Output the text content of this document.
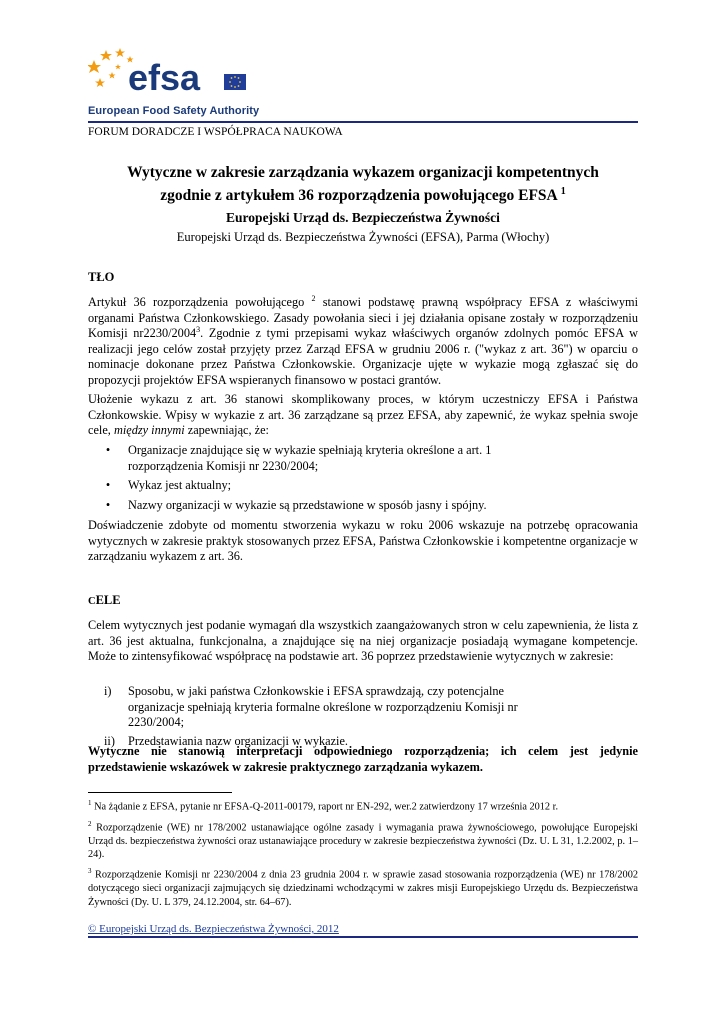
efsa
European Food Safety Authority
FORUM DORADCZE I WSPÓŁPRACA NAUKOWA
Wytyczne w zakresie zarządzania wykazem organizacji kompetentnych
zgodnie z artykułem 36 rozporządzenia powołującego EFSA $^1$
Europejski Urząd ds. Bezpieczeństwa Żywności
Europejski Urząd ds. Bezpieczeństwa Żywności (EFSA), Parma (Włochy)
TŁO

Artykuł 36 rozporządzenia powołującego $^2$ stanowi podstawę prawną współpracy EFSA z właściwymi organami Państwa Członkowskiego. Zasady powołania sieci i jej działania opisane zostały w rozporządzeniu Komisji nr2230/2004$^3$. Zgodnie z tymi przepisami wykaz właściwych organów zdolnych pomóc EFSA w realizacji jego celów został przyjęty przez Zarząd EFSA w grudniu 2006 r. ("wykaz z art. 36") w oparciu o nominacje dokonane przez Państwa Członkowskie. Organizacje ujęte w wykazie mogą zgłaszać się do propozycji projektów EFSA wspieranych finansowo w postaci grantów.

Ułożenie wykazu z art. 36 stanowi skomplikowany proces, w którym uczestniczy EFSA i Państwa Członkowskie. Wpisy w wykazie z art. 36 zarządzane są przez EFSA, aby zapewnić, że wykaz spełnia swoje cele, między innymi zapewniając, że:

•	Organizacje znajdujące się w wykazie spełniają kryteria określone a art. 1 rozporządzenia Komisji nr 2230/2004;
•	Wykaz jest aktualny;
•	Nazwy organizacji w wykazie są przedstawione w sposób jasny i spójny.
Doświadczenie zdobyte od momentu stworzenia wykazu w roku 2006 wskazuje na potrzebę opracowania wytycznych w zakresie praktyk stosowanych przez EFSA, Państwa Członkowskie i kompetentne organizacje w zarządzaniu wykazem z art. 36.
CELE
Celem wytycznych jest podanie wymagań dla wszystkich zaangażowanych stron w celu zapewnienia, że lista z art. 36 jest aktualna, funkcjonalna, a znajdujące się na niej organizacje posiadają wymagane kompetencje. Może to zintensyfikować współpracę na podstawie art. 36 poprzez przedstawienie wytycznych w zakresie:
i)	Sposobu, w jaki państwa Członkowskie i EFSA sprawdzają, czy potencjalne organizacje spełniają kryteria formalne określone w rozporządzeniu Komisji nr 2230/2004;
ii)	Przedstawiania nazw organizacji w wykazie.
Wytyczne nie stanowią interpretacji odpowiedniego rozporządzenia; ich celem jest jedynie przedstawienie wskazówek w zakresie praktycznego zarządzania wykazem.
$^1$ Na żądanie z EFSA, pytanie nr EFSA-Q-2011-00179, raport nr EN-292, wer.2 zatwierdzony 17 września 2012 r.
$^2$ Rozporządzenie (WE) nr 178/2002 ustanawiające ogólne zasady i wymagania prawa żywnościowego, powołujące Europejski Urząd ds. bezpieczeństwa żywności oraz ustanawiające procedury w zakresie bezpieczeństwa żywności (Dz. U. L 31, 1.2.2002, p. 1–24).
$^3$ Rozporządzenie Komisji nr 2230/2004 z dnia 23 grudnia 2004 r. w sprawie zasad stosowania rozporządzenia (WE) nr 178/2002 dotyczącego sieci organizacji zajmujących się dziedzinami wchodzącymi w zakres misji Europejskiego Urzędu ds. Bezpieczeństwa Żywności (Dy. U. L 379, 24.12.2004, str. 64–67).
© Europejski Urząd ds. Bezpieczeństwa Żywności, 2012
